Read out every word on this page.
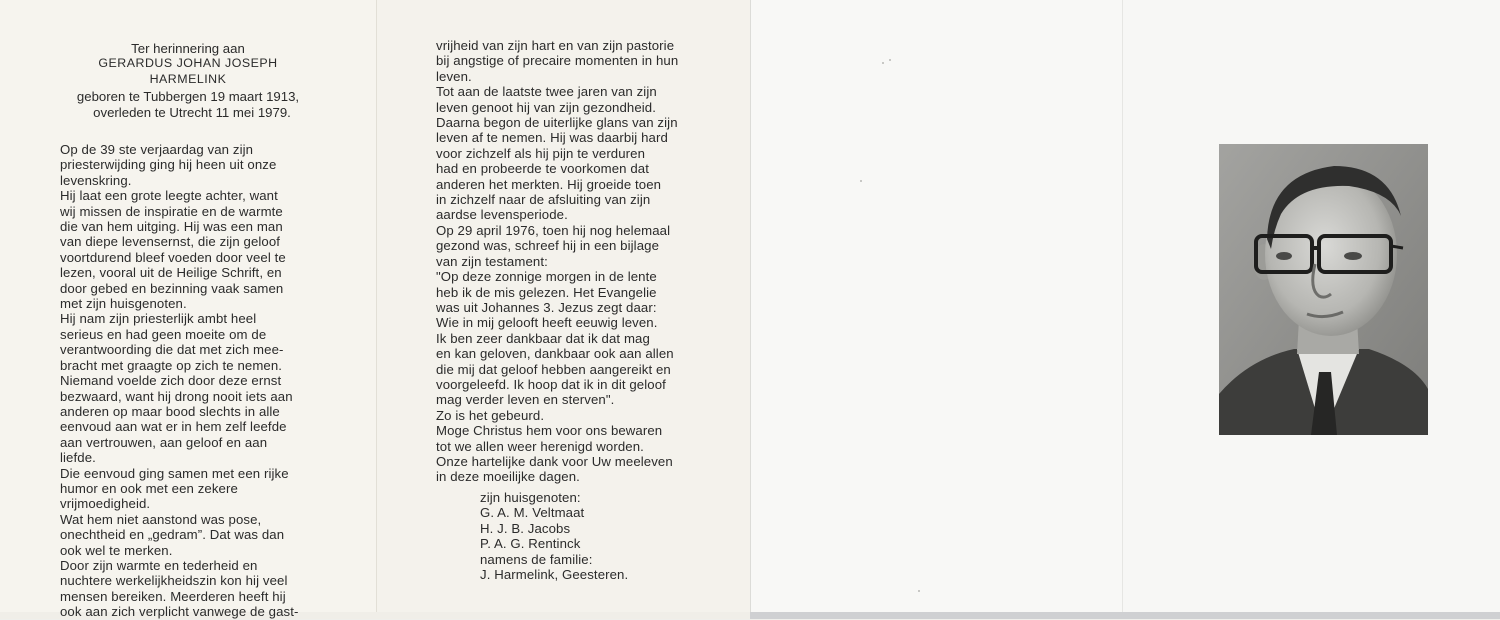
Ter herinnering aan
GERARDUS JOHAN JOSEPH
HARMELINK
geboren te Tubbergen 19 maart 1913,
overleden te Utrecht 11 mei 1979.
Op de 39 ste verjaardag van zijn
priesterwijding ging hij heen uit onze
levenskring.
Hij laat een grote leegte achter, want
wij missen de inspiratie en de warmte
die van hem uitging. Hij was een man
van diepe levensernst, die zijn geloof
voortdurend bleef voeden door veel te
lezen, vooral uit de Heilige Schrift, en
door gebed en bezinning vaak samen
met zijn huisgenoten.
Hij nam zijn priesterlijk ambt heel
serieus en had geen moeite om de
verantwoording die dat met zich mee-
bracht met graagte op zich te nemen.
Niemand voelde zich door deze ernst
bezwaard, want hij drong nooit iets aan
anderen op maar bood slechts in alle
eenvoud aan wat er in hem zelf leefde
aan vertrouwen, aan geloof en aan
liefde.
Die eenvoud ging samen met een rijke
humor en ook met een zekere
vrijmoedigheid.
Wat hem niet aanstond was pose,
onechtheid en „gedram”. Dat was dan
ook wel te merken.
Door zijn warmte en tederheid en
nuchtere werkelijkheidszin kon hij veel
mensen bereiken. Meerderen heeft hij
ook aan zich verplicht vanwege de gast-
vrijheid van zijn hart en van zijn pastorie
bij angstige of precaire momenten in hun
leven.
Tot aan de laatste twee jaren van zijn
leven genoot hij van zijn gezondheid.
Daarna begon de uiterlijke glans van zijn
leven af te nemen. Hij was daarbij hard
voor zichzelf als hij pijn te verduren
had en probeerde te voorkomen dat
anderen het merkten. Hij groeide toen
in zichzelf naar de afsluiting van zijn
aardse levensperiode.
Op 29 april 1976, toen hij nog helemaal
gezond was, schreef hij in een bijlage
van zijn testament:
"Op deze zonnige morgen in de lente
heb ik de mis gelezen. Het Evangelie
was uit Johannes 3. Jezus zegt daar:
Wie in mij gelooft heeft eeuwig leven.
Ik ben zeer dankbaar dat ik dat mag
en kan geloven, dankbaar ook aan allen
die mij dat geloof hebben aangereikt en
voorgeleefd. Ik hoop dat ik in dit geloof
mag verder leven en sterven".
Zo is het gebeurd.
Moge Christus hem voor ons bewaren
tot we allen weer herenigd worden.
Onze hartelijke dank voor Uw meeleven
in deze moeilijke dagen.
zijn huisgenoten:
G. A. M. Veltmaat
H. J. B. Jacobs
P. A. G. Rentinck
namens de familie:
J. Harmelink, Geesteren.
